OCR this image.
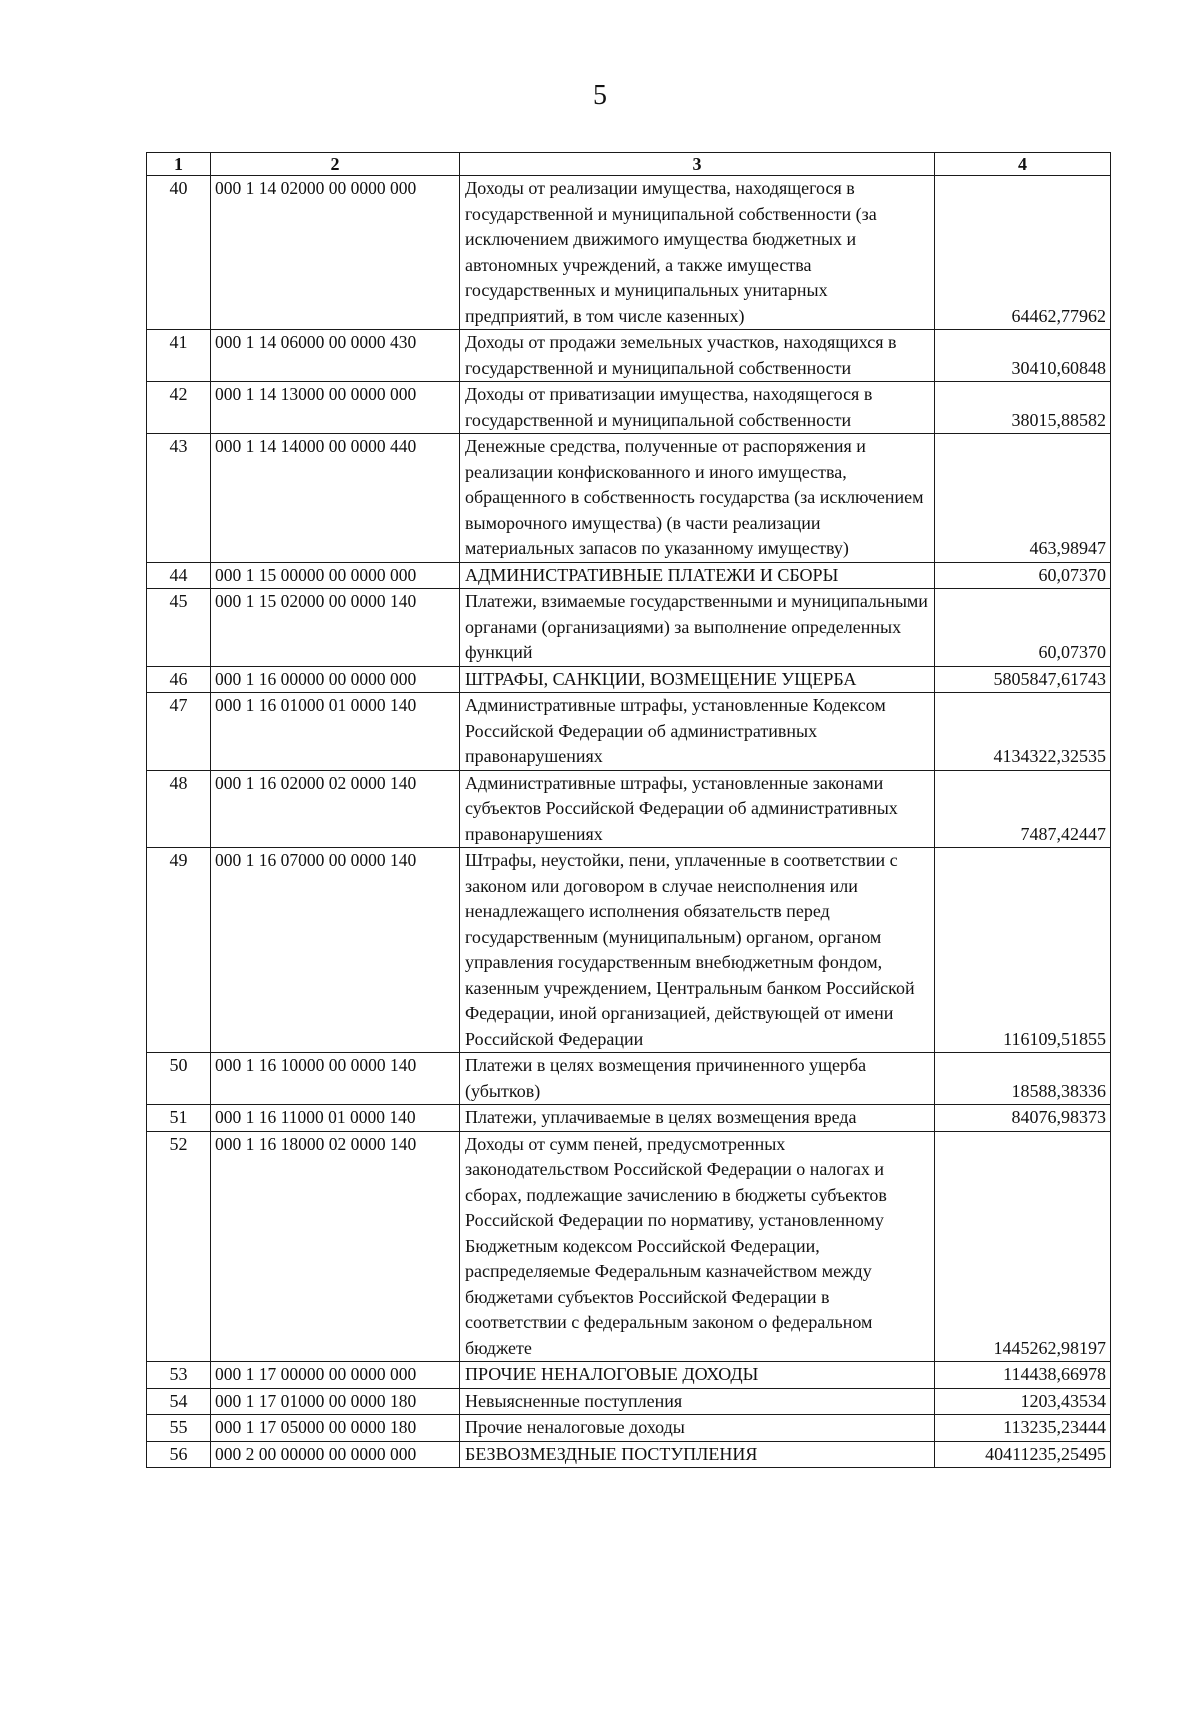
5
1	2	3	4
40	000 1 14 02000 00 0000 000	Доходы от реализации имущества, находящегося в государственной и муниципальной собственности (за исключением движимого имущества бюджетных и автономных учреждений, а также имущества государственных и муниципальных унитарных предприятий, в том числе казенных)	64462,77962
41	000 1 14 06000 00 0000 430	Доходы от продажи земельных участков, находящихся в государственной и муниципальной собственности	30410,60848
42	000 1 14 13000 00 0000 000	Доходы от приватизации имущества, находящегося в государственной и муниципальной собственности	38015,88582
43	000 1 14 14000 00 0000 440	Денежные средства, полученные от распоряжения и реализации конфискованного и иного имущества, обращенного в собственность государства (за исключением выморочного имущества) (в части реализации материальных запасов по указанному имуществу)	463,98947
44	000 1 15 00000 00 0000 000	АДМИНИСТРАТИВНЫЕ ПЛАТЕЖИ И СБОРЫ	60,07370
45	000 1 15 02000 00 0000 140	Платежи, взимаемые государственными и муниципальными органами (организациями) за выполнение определенных функций	60,07370
46	000 1 16 00000 00 0000 000	ШТРАФЫ, САНКЦИИ, ВОЗМЕЩЕНИЕ УЩЕРБА	5805847,61743
47	000 1 16 01000 01 0000 140	Административные штрафы, установленные Кодексом Российской Федерации об административных правонарушениях	4134322,32535
48	000 1 16 02000 02 0000 140	Административные штрафы, установленные законами субъектов Российской Федерации об административных правонарушениях	7487,42447
49	000 1 16 07000 00 0000 140	Штрафы, неустойки, пени, уплаченные в соответствии с законом или договором в случае неисполнения или ненадлежащего исполнения обязательств перед государственным (муниципальным) органом, органом управления государственным внебюджетным фондом, казенным учреждением, Центральным банком Российской Федерации, иной организацией, действующей от имени Российской Федерации	116109,51855
50	000 1 16 10000 00 0000 140	Платежи в целях возмещения причиненного ущерба (убытков)	18588,38336
51	000 1 16 11000 01 0000 140	Платежи, уплачиваемые в целях возмещения вреда	84076,98373
52	000 1 16 18000 02 0000 140	Доходы от сумм пеней, предусмотренных законодательством Российской Федерации о налогах и сборах, подлежащие зачислению в бюджеты субъектов Российской Федерации по нормативу, установленному Бюджетным кодексом Российской Федерации, распределяемые Федеральным казначейством между бюджетами субъектов Российской Федерации в соответствии с федеральным законом о федеральном бюджете	1445262,98197
53	000 1 17 00000 00 0000 000	ПРОЧИЕ НЕНАЛОГОВЫЕ ДОХОДЫ	114438,66978
54	000 1 17 01000 00 0000 180	Невыясненные поступления	1203,43534
55	000 1 17 05000 00 0000 180	Прочие неналоговые доходы	113235,23444
56	000 2 00 00000 00 0000 000	БЕЗВОЗМЕЗДНЫЕ ПОСТУПЛЕНИЯ	40411235,25495
